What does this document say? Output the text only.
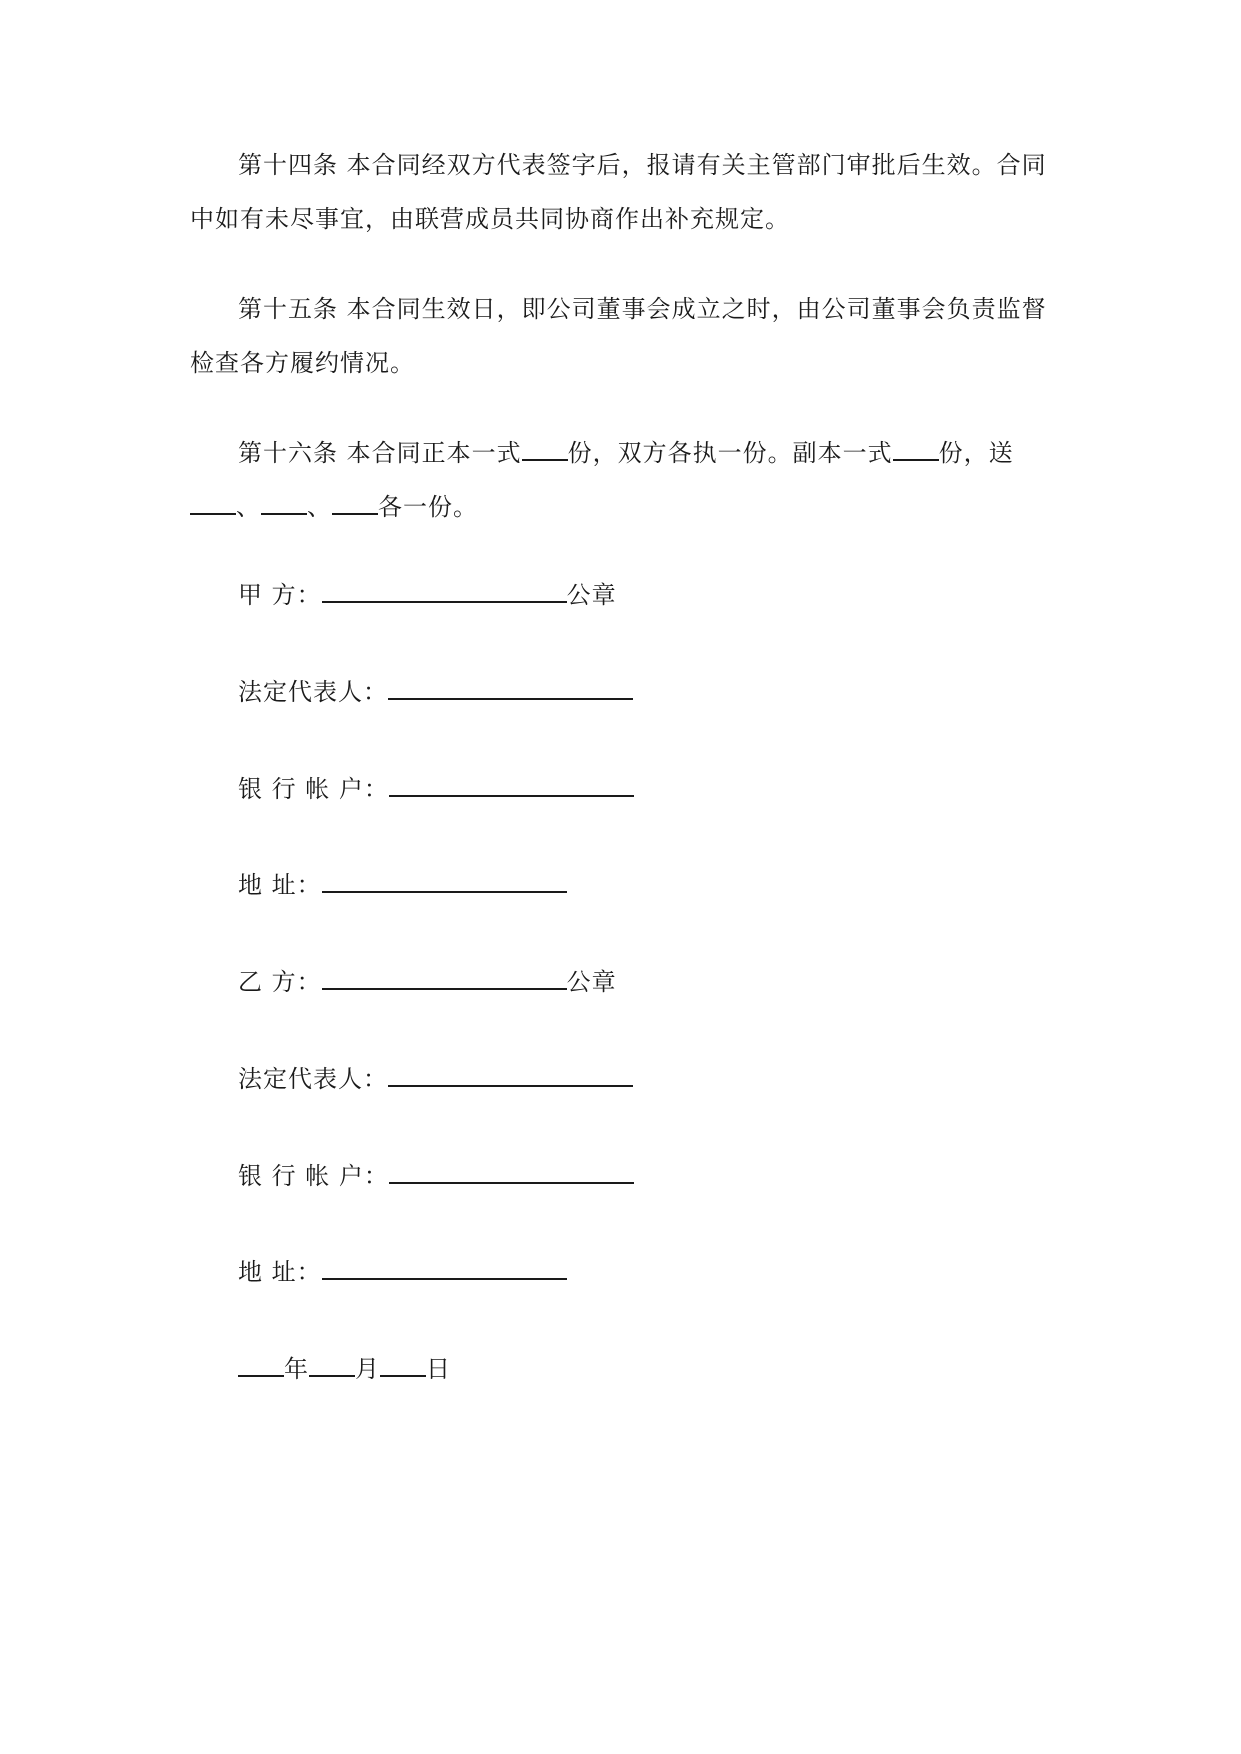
第十四条 本合同经双方代表签字后，报请有关主管部门审批后生效。合同中如有未尽事宜，由联营成员共同协商作出补充规定。

第十五条 本合同生效日，即公司董事会成立之时，由公司董事会负责监督检查各方履约情况。

第十六条 本合同正本一式 份，双方各执一份。副本一式 份，送
、 、 各一份。

甲 方：	公章
法定代表人：
银 行 帐 户：
地 址：
乙 方：	公章
法定代表人：
银 行 帐 户：
地 址：
年 月 日
